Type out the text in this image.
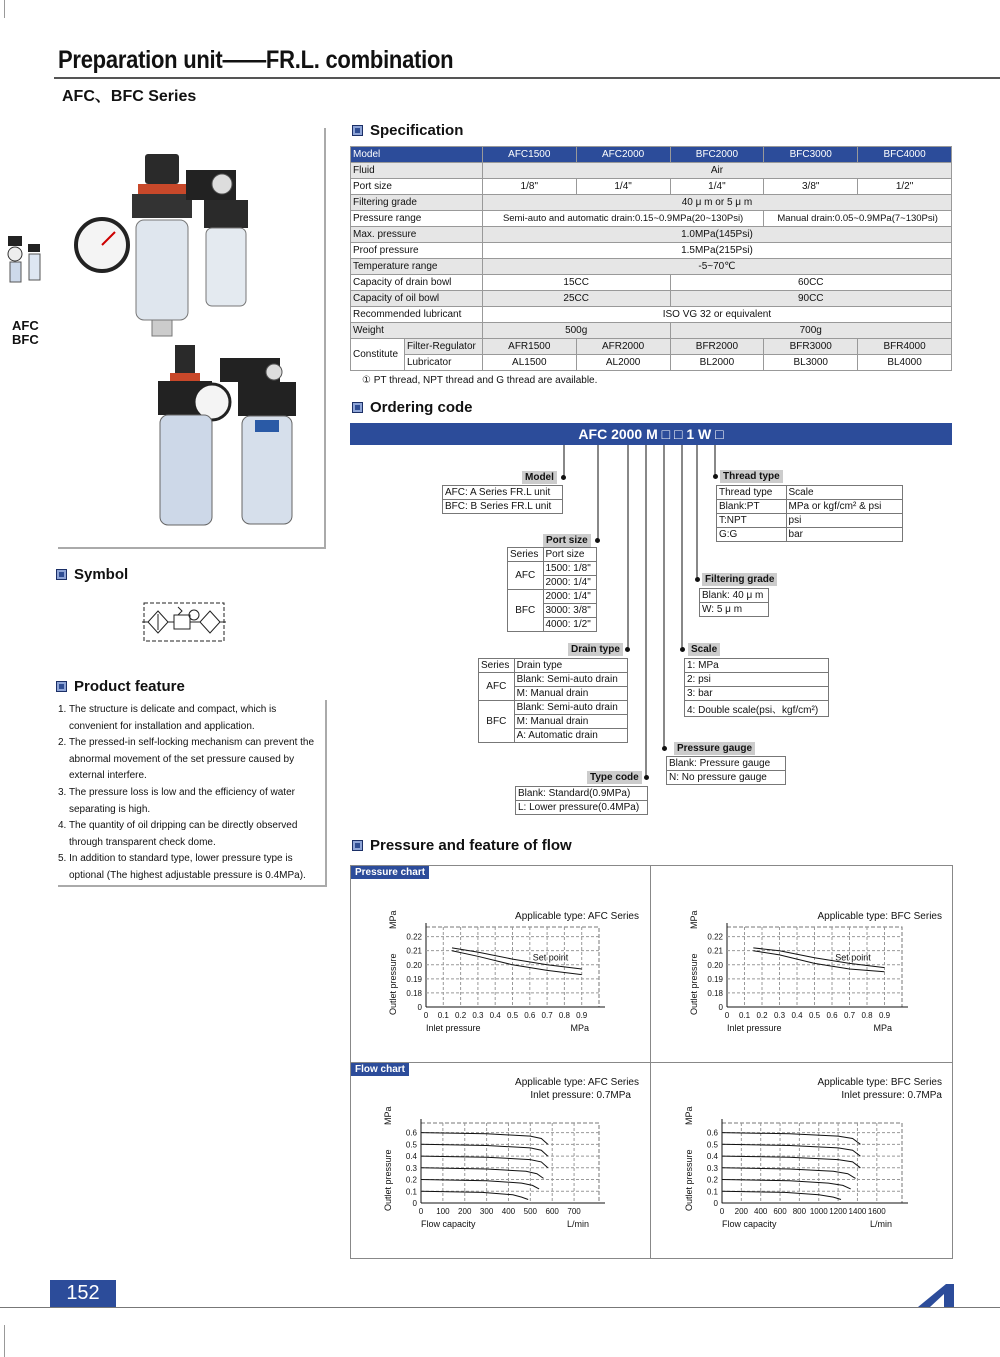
Preparation unit——FR.L. combination
AFC、BFC Series
AFC
BFC
Specification
Model		AFC1500	AFC2000	BFC2000	BFC3000	BFC4000
Fluid		Air				
Port size		1/8"	1/4"	1/4"	3/8"	1/2"
Filtering grade		40 μ m or 5 μ m				
Pressure range		Semi-auto and automatic drain:0.15~0.9MPa(20~130Psi)			Manual drain:0.05~0.9MPa(7~130Psi)	
Max. pressure		1.0MPa(145Psi)				
Proof pressure		1.5MPa(215Psi)				
Temperature range		-5~70℃				
Capacity of drain bowl		15CC		60CC		
Capacity of oil bowl		25CC		90CC		
Recommended lubricant		ISO VG 32 or equivalent				
Weight		500g		700g		
Constitute	Filter-Regulator	AFR1500	AFR2000	BFR2000	BFR3000	BFR4000
	Lubricator	AL1500	AL2000	BL2000	BL3000	BL4000
① PT thread, NPT thread and G thread are available.
Ordering code
AFC 2000 M □ □ 1 W □
Model
AFC: A Series FR.L unit
BFC: B Series FR.L unit
Port size
Series	Port size
AFC	1500: 1/8"
	2000: 1/4"
BFC	2000: 1/4"
	3000: 3/8"
	4000: 1/2"
Drain type
Series	Drain type
AFC	Blank: Semi-auto drain
	M: Manual drain
BFC	Blank: Semi-auto drain
	M: Manual drain
	A: Automatic drain
Type code
Blank: Standard(0.9MPa)
L: Lower pressure(0.4MPa)
Thread type
Thread type	Scale
Blank:PT	MPa or kgf/cm² & psi
T:NPT	psi
G:G	bar
Filtering grade
Blank: 40 μ m
W: 5 μ m
Scale
1: MPa
2: psi
3: bar
4: Double scale(psi、kgf/cm²)
Pressure gauge
Blank: Pressure gauge
N: No pressure gauge
Symbol
Product feature
1. The structure is delicate and compact, which is convenient for installation and application.
2. The pressed-in self-locking mechanism can prevent the abnormal movement of the set pressure caused by external interfere.
3. The pressure loss is low and the efficiency of water separating is high.
4. The quantity of oil dripping can be directly observed through transparent check dome.
5. In addition to standard type, lower pressure type is optional (The highest adjustable pressure is 0.4MPa).
Pressure and feature of flow
Pressure chart
Flow chart
Applicable type: AFC Series
0 0.1 0.2 0.3 0.4 0.5 0.6 0.7 0.8 0.9
0
0.18
0.19
0.20
0.21
0.22
Inlet pressure	MPa
Outlet pressure
MPa
Set point
Applicable type: BFC Series
0 0.1 0.2 0.3 0.4 0.5 0.6 0.7 0.8 0.9
0
0.18
0.19
0.20
0.21
0.22
Inlet pressure	MPa
Outlet pressure
MPa
Set point
Applicable type: AFC Series
Inlet pressure: 0.7MPa
0 100 200 300 400 500 600 700
0
0.1
0.2
0.3
0.4
0.5
0.6
Flow capacity	L/min
Outlet pressure
MPa
Applicable type: BFC Series
Inlet pressure: 0.7MPa
0 200 400 600 800 1000 1200 1400 1600
0
0.1
0.2
0.3
0.4
0.5
0.6
Flow capacity	L/min
Outlet pressure
MPa
152
